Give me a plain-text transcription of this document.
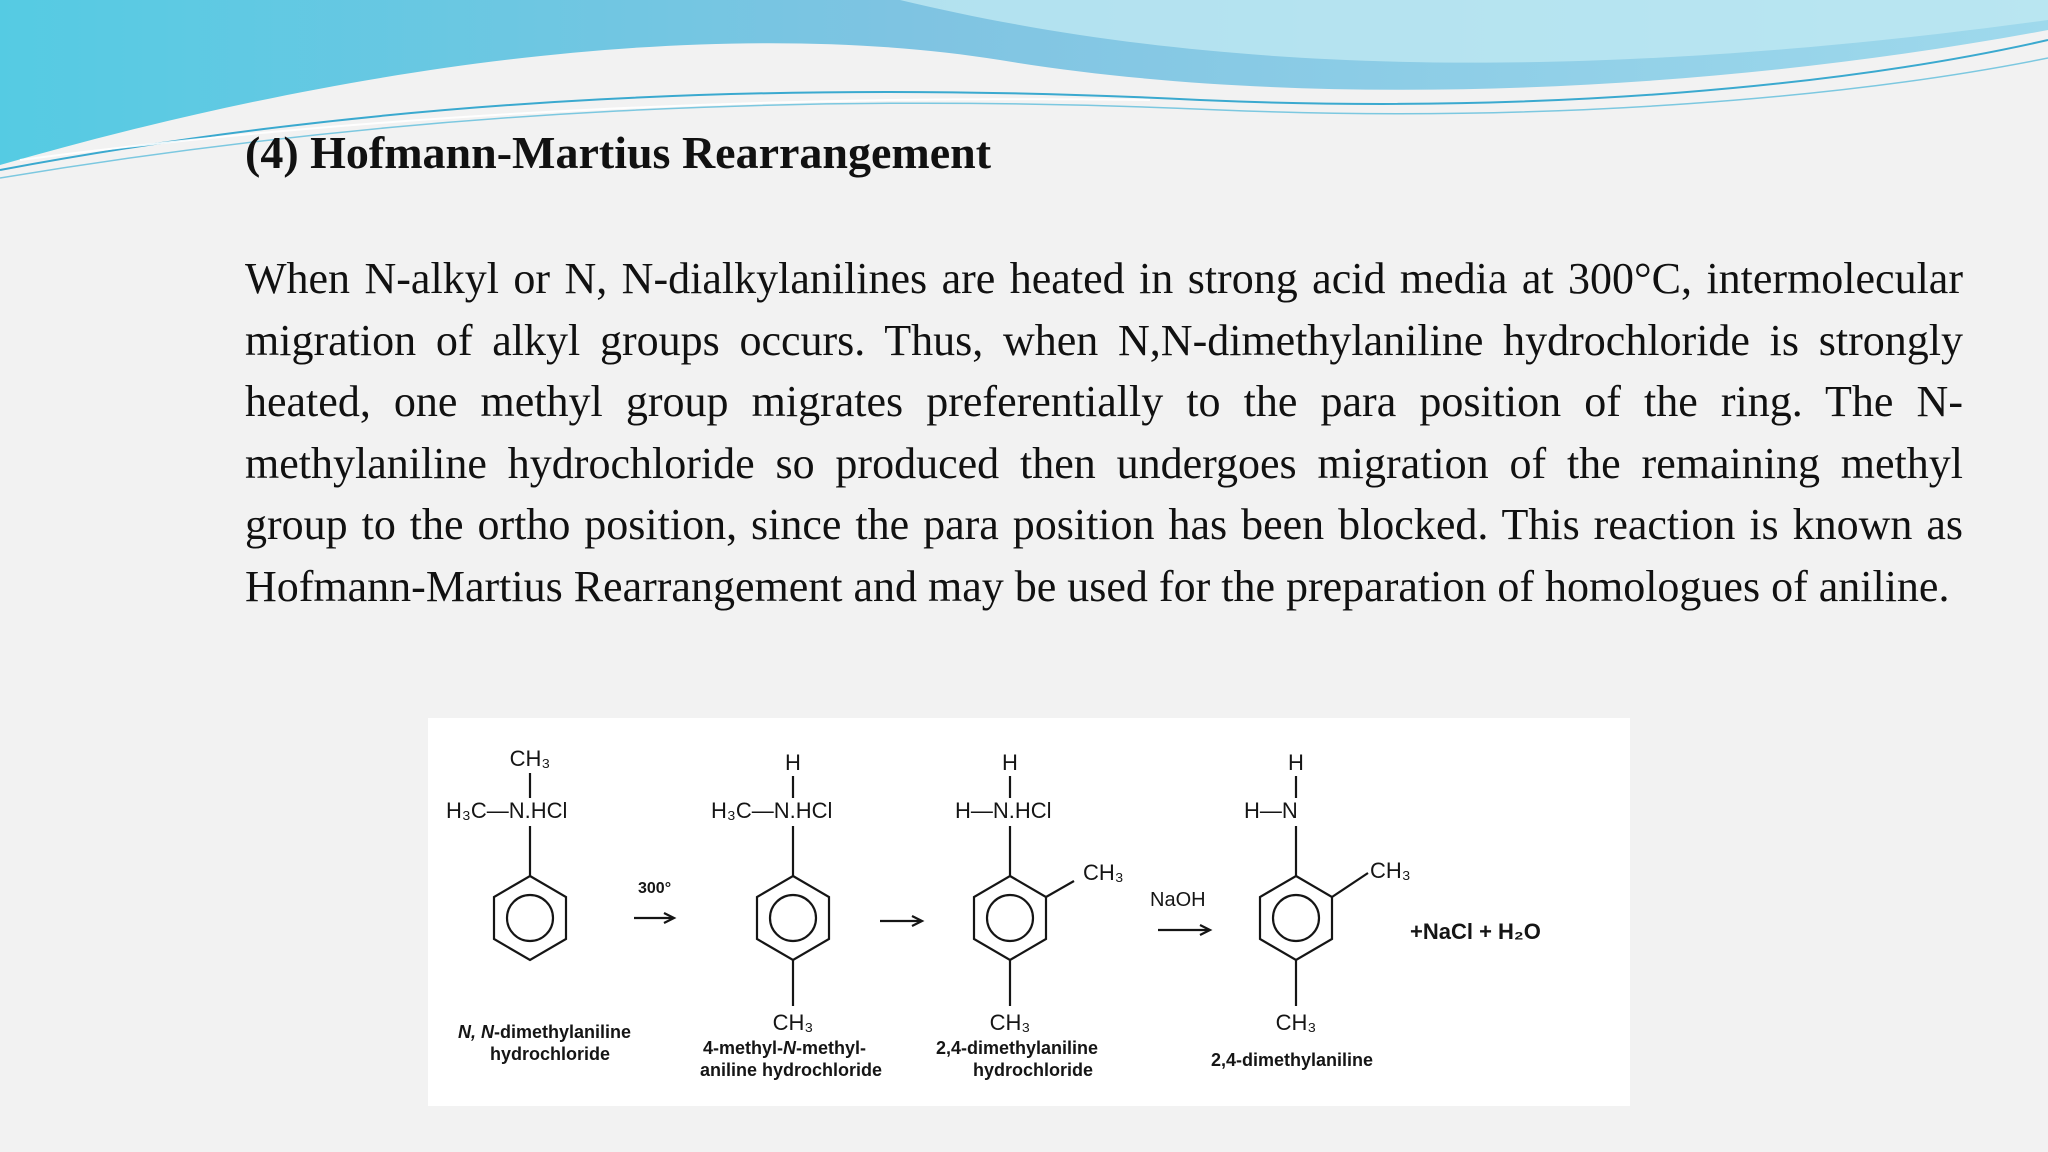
(4) Hofmann-Martius Rearrangement

When N-alkyl or N, N-dialkylanilines are heated in strong acid media at 300°C, intermolecular migration of alkyl groups occurs. Thus, when N,N-dimethylaniline hydrochloride is strongly heated, one methyl group migrates preferentially to the para position of the ring. The N-methylaniline hydrochloride so produced then undergoes migration of the remaining methyl group to the ortho position, since the para position has been blocked. This reaction is known as Hofmann-Martius Rearrangement and may be used for the preparation of homologues of aniline.

CH₃
H₃C—N.HCl
N, N-dimethylaniline
hydrochloride
300°
H
H₃C—N.HCl
CH₃
4-methyl-N-methyl-
aniline hydrochloride
H
H—N.HCl
CH₃
CH₃
2,4-dimethylaniline
hydrochloride
NaOH
H
H—N
CH₃
CH₃
2,4-dimethylaniline
+NaCl + H₂O
